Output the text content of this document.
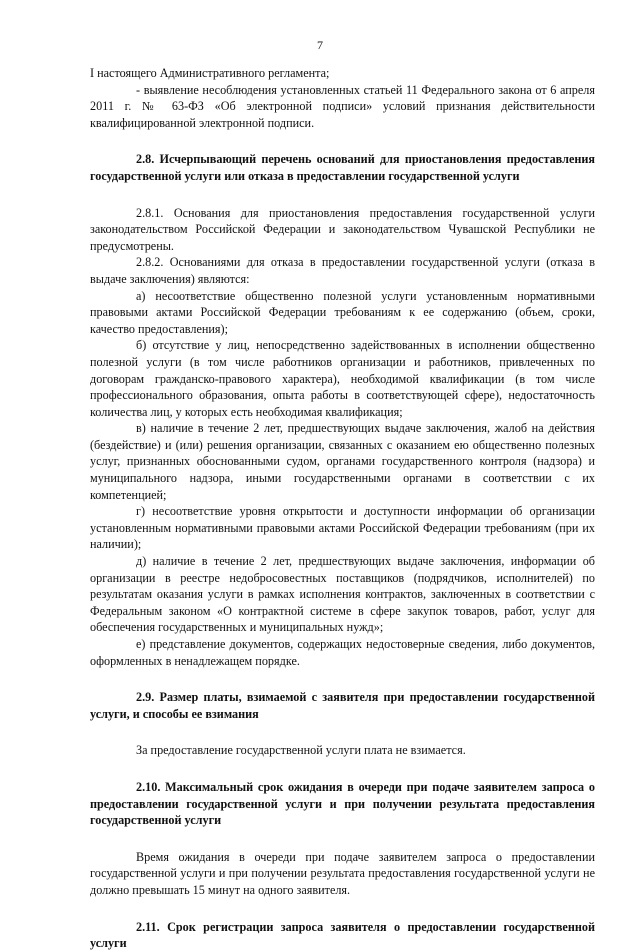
7

I настоящего Административного регламента;

- выявление несоблюдения установленных статьей 11 Федерального закона от 6 апреля 2011 г. № 63-ФЗ «Об электронной подписи» условий признания действительности квалифицированной электронной подписи.

2.8. Исчерпывающий перечень оснований для приостановления предоставления государственной услуги или отказа в предоставлении государственной услуги

2.8.1. Основания для приостановления предоставления государственной услуги законодательством Российской Федерации и законодательством Чувашской Республики не предусмотрены.

2.8.2. Основаниями для отказа в предоставлении государственной услуги (отказа в выдаче заключения) являются:

а) несоответствие общественно полезной услуги установленным нормативными правовыми актами Российской Федерации требованиям к ее содержанию (объем, сроки, качество предоставления);

б) отсутствие у лиц, непосредственно задействованных в исполнении общественно полезной услуги (в том числе работников организации и работников, привлеченных по договорам гражданско-правового характера), необходимой квалификации (в том числе профессионального образования, опыта работы в соответствующей сфере), недостаточность количества лиц, у которых есть необходимая квалификация;

в) наличие в течение 2 лет, предшествующих выдаче заключения, жалоб на действия (бездействие) и (или) решения организации, связанных с оказанием ею общественно полезных услуг, признанных обоснованными судом, органами государственного контроля (надзора) и муниципального надзора, иными государственными органами в соответствии с их компетенцией;

г) несоответствие уровня открытости и доступности информации об организации установленным нормативными правовыми актами Российской Федерации требованиям (при их наличии);

д) наличие в течение 2 лет, предшествующих выдаче заключения, информации об организации в реестре недобросовестных поставщиков (подрядчиков, исполнителей) по результатам оказания услуги в рамках исполнения контрактов, заключенных в соответствии с Федеральным законом «О контрактной системе в сфере закупок товаров, работ, услуг для обеспечения государственных и муниципальных нужд»;

е) представление документов, содержащих недостоверные сведения, либо документов, оформленных в ненадлежащем порядке.

2.9. Размер платы, взимаемой с заявителя при предоставлении государственной услуги, и способы ее взимания

За предоставление государственной услуги плата не взимается.

2.10. Максимальный срок ожидания в очереди при подаче заявителем запроса о предоставлении государственной услуги и при получении результата предоставления государственной услуги

Время ожидания в очереди при подаче заявителем запроса о предоставлении государственной услуги и при получении результата предоставления государственной услуги не должно превышать 15 минут на одного заявителя.

2.11. Срок регистрации запроса заявителя о предоставлении государственной услуги
